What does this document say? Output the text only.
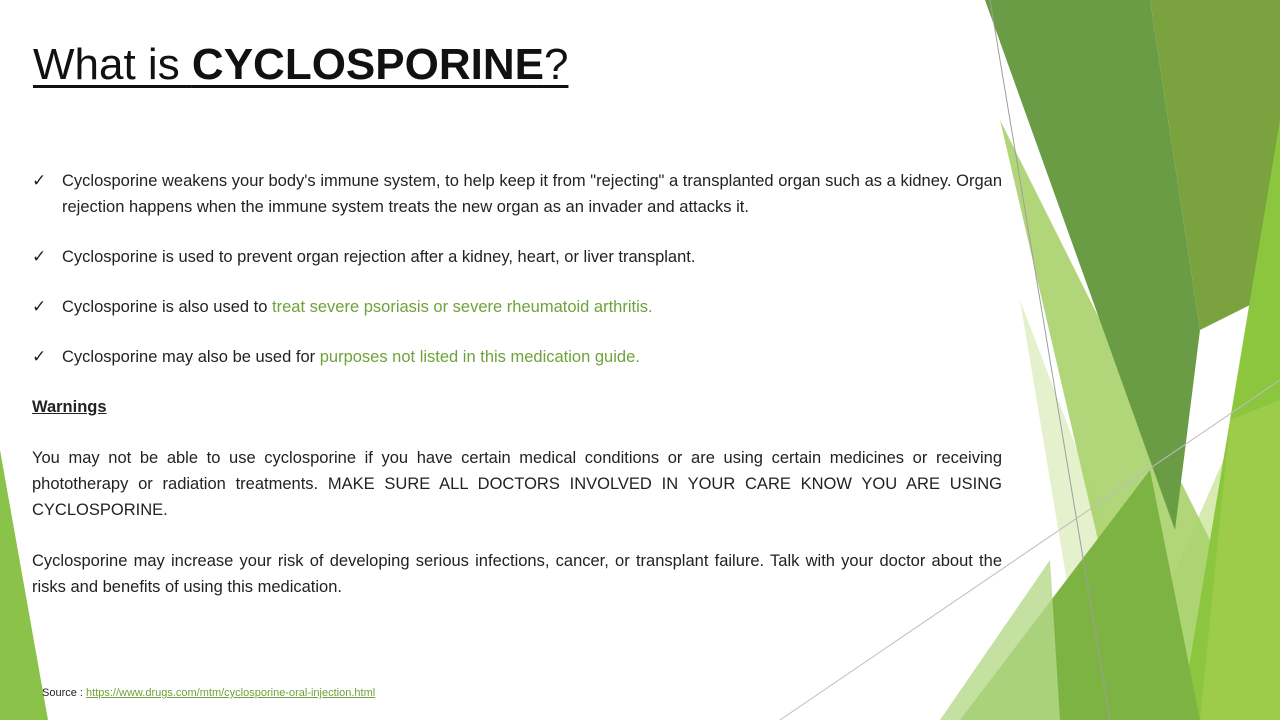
What is CYCLOSPORINE?
✓ Cyclosporine weakens your body's immune system, to help keep it from "rejecting" a transplanted organ such as a kidney. Organ rejection happens when the immune system treats the new organ as an invader and attacks it.
✓ Cyclosporine is used to prevent organ rejection after a kidney, heart, or liver transplant.
✓ Cyclosporine is also used to treat severe psoriasis or severe rheumatoid arthritis.
✓ Cyclosporine may also be used for purposes not listed in this medication guide.

Warnings

You may not be able to use cyclosporine if you have certain medical conditions or are using certain medicines or receiving phototherapy or radiation treatments. MAKE SURE ALL DOCTORS INVOLVED IN YOUR CARE KNOW YOU ARE USING CYCLOSPORINE.

Cyclosporine may increase your risk of developing serious infections, cancer, or transplant failure. Talk with your doctor about the risks and benefits of using this medication.

Source : https://www.drugs.com/mtm/cyclosporine-oral-injection.html
